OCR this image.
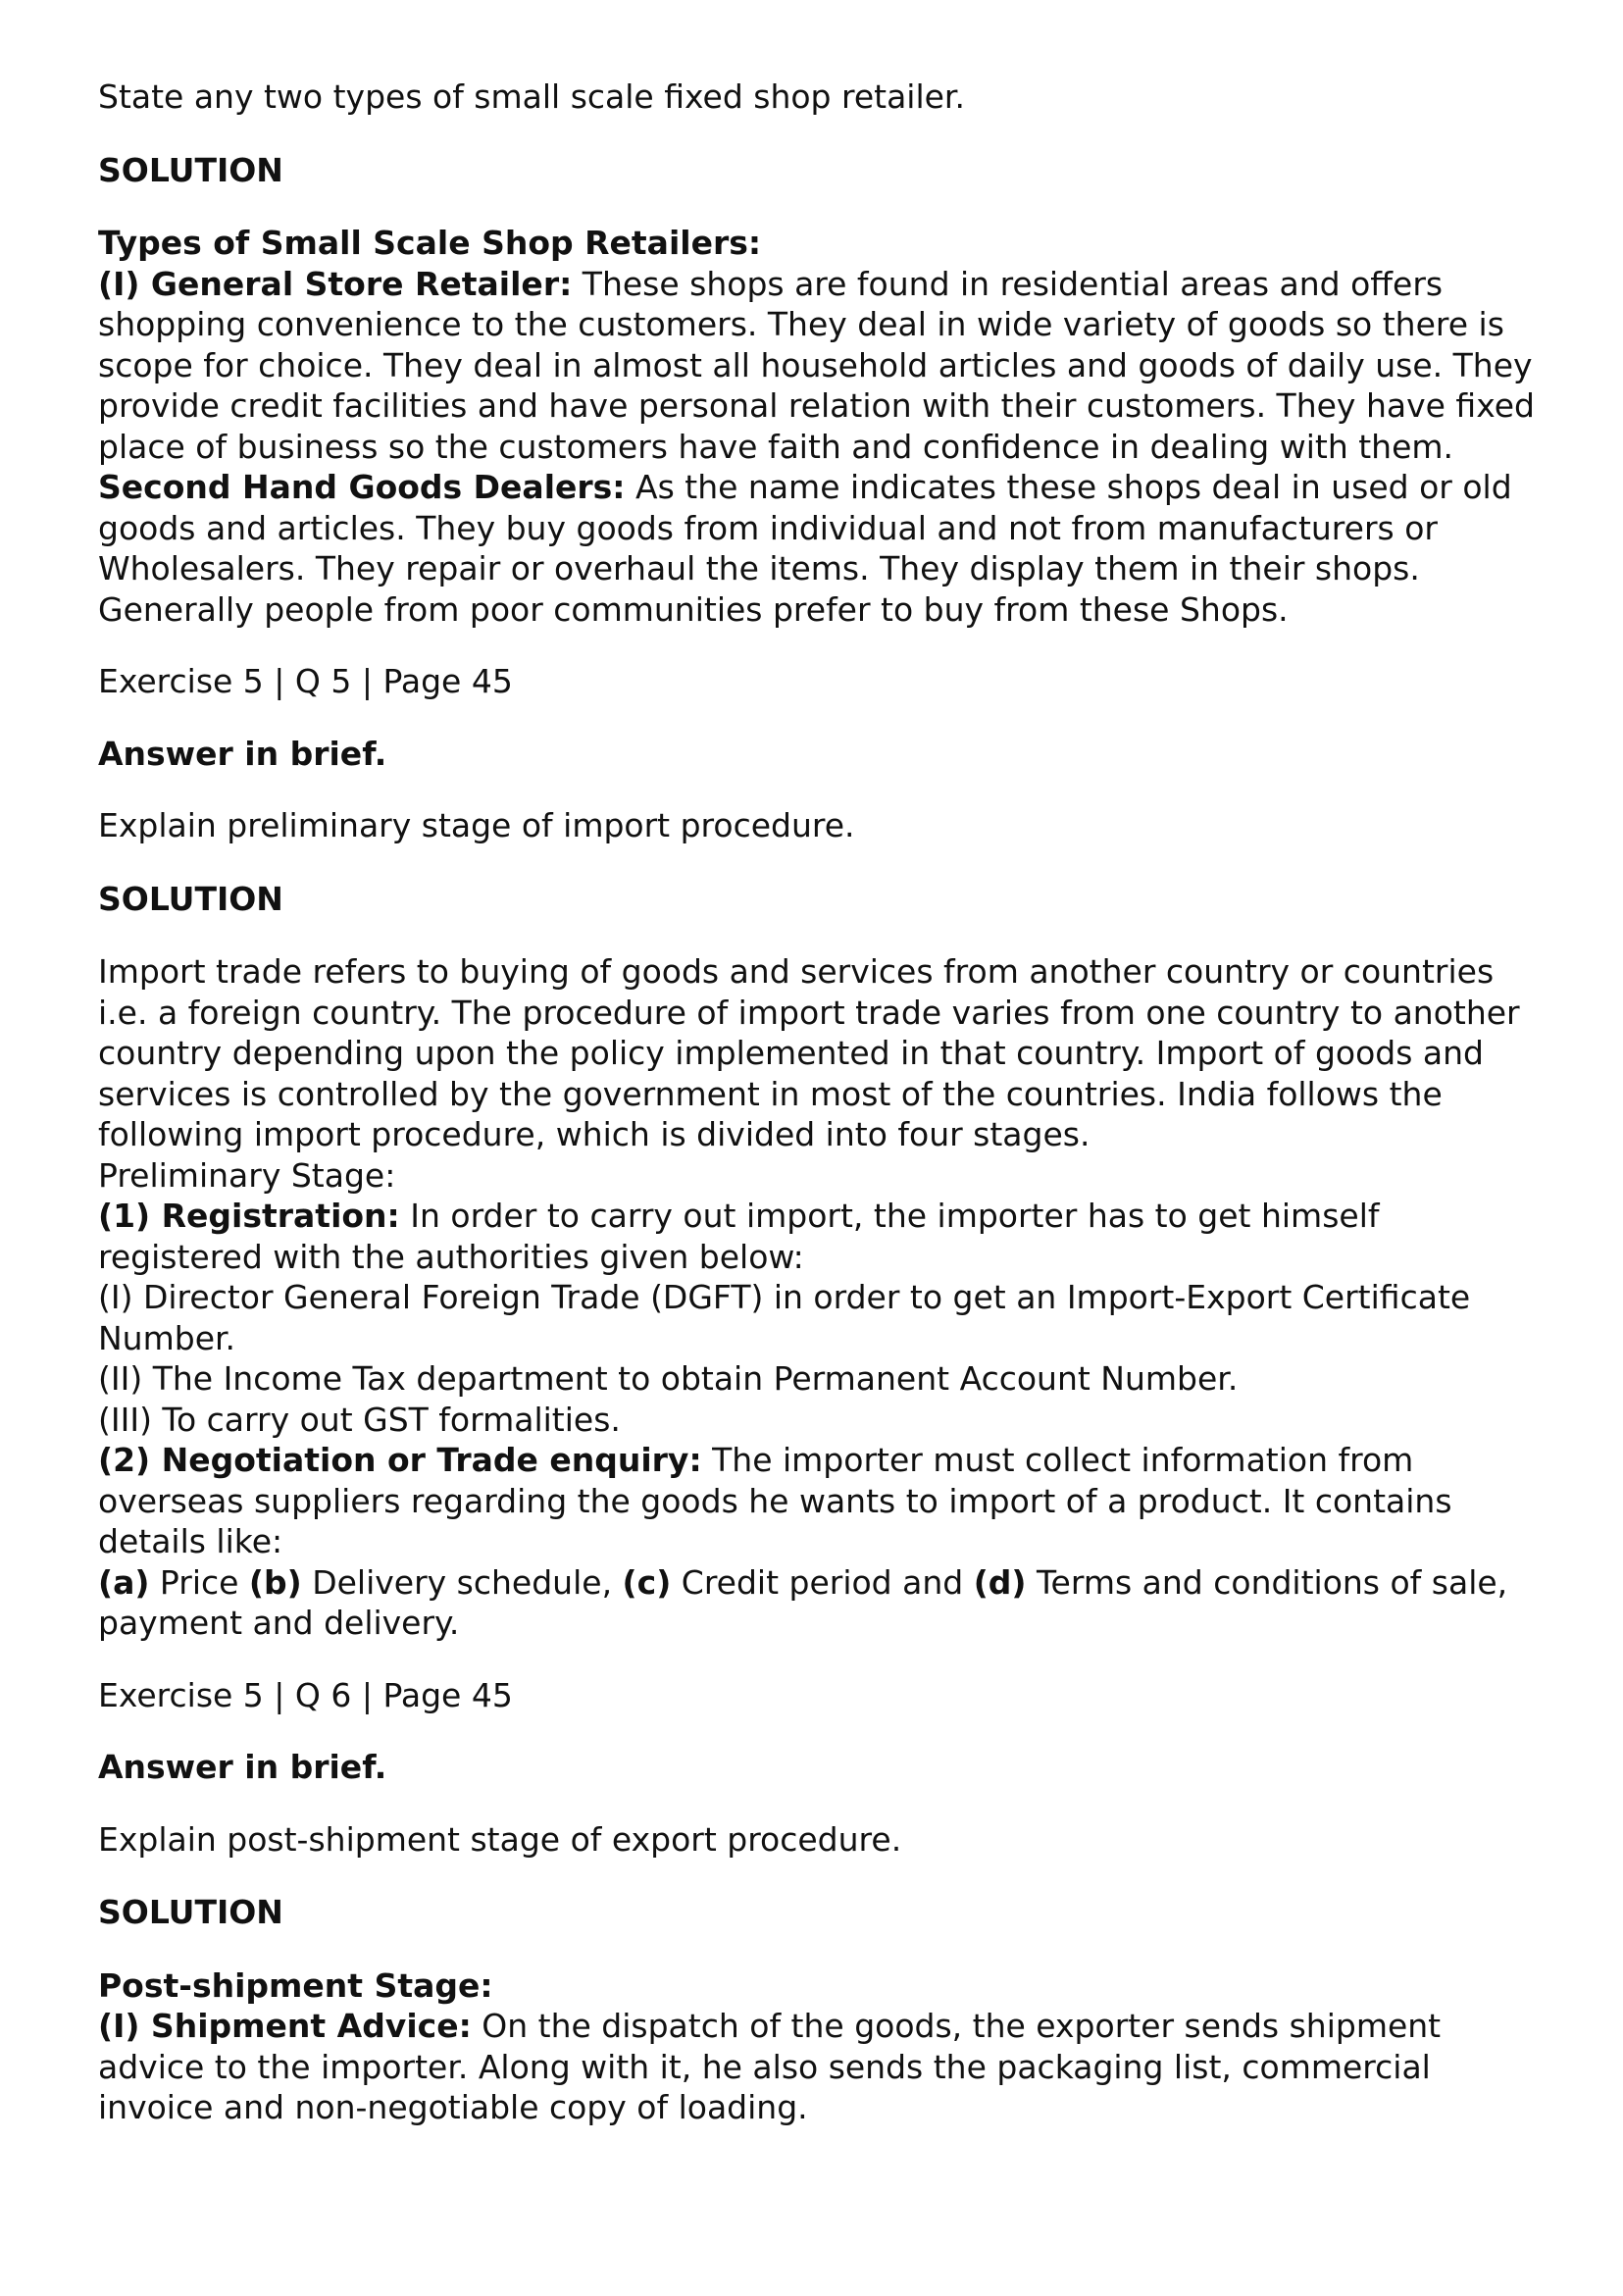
State any two types of small scale fixed shop retailer.

SOLUTION

Types of Small Scale Shop Retailers:

(I) General Store Retailer: These shops are found in residential areas and offers shopping convenience to the customers. They deal in wide variety of goods so there is scope for choice. They deal in almost all household articles and goods of daily use. They provide credit facilities and have personal relation with their customers. They have fixed place of business so the customers have faith and confidence in dealing with them.

Second Hand Goods Dealers: As the name indicates these shops deal in used or old goods and articles. They buy goods from individual and not from manufacturers or Wholesalers. They repair or overhaul the items. They display them in their shops. Generally people from poor communities prefer to buy from these Shops.

Exercise 5 | Q 5 | Page 45

Answer in brief.

Explain preliminary stage of import procedure.

SOLUTION

Import trade refers to buying of goods and services from another country or countries i.e. a foreign country. The procedure of import trade varies from one country to another country depending upon the policy implemented in that country. Import of goods and services is controlled by the government in most of the countries. India follows the following import procedure, which is divided into four stages.

Preliminary Stage:

(1) Registration: In order to carry out import, the importer has to get himself registered with the authorities given below:

(I) Director General Foreign Trade (DGFT) in order to get an Import-Export Certificate Number.

(II) The Income Tax department to obtain Permanent Account Number.

(III) To carry out GST formalities.

(2) Negotiation or Trade enquiry: The importer must collect information from overseas suppliers regarding the goods he wants to import of a product. It contains details like:

(a) Price (b) Delivery schedule, (c) Credit period and (d) Terms and conditions of sale, payment and delivery.

Exercise 5 | Q 6 | Page 45

Answer in brief.

Explain post-shipment stage of export procedure.

SOLUTION

Post-shipment Stage:

(I) Shipment Advice: On the dispatch of the goods, the exporter sends shipment advice to the importer. Along with it, he also sends the packaging list, commercial invoice and non-negotiable copy of loading.
